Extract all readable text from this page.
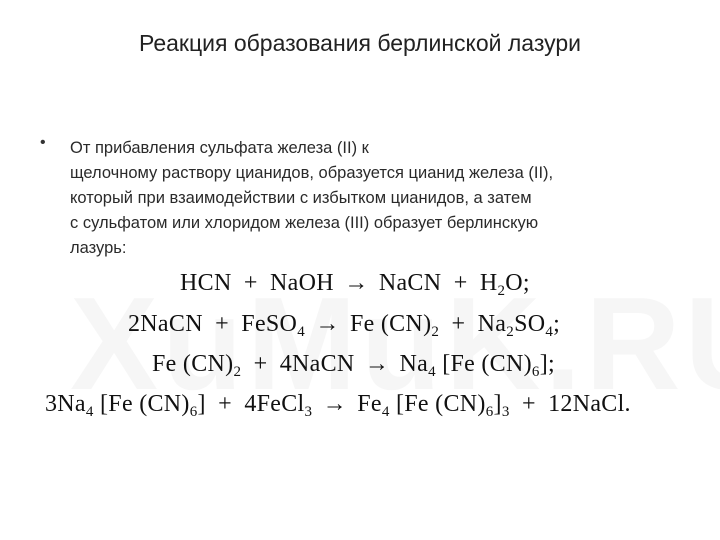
Реакция образования берлинской лазури
• От прибавления сульфата железа (II) к
щелочному раствору цианидов, образуется цианид железа (II),
который при взаимодействии с избытком цианидов, а затем
с сульфатом или хлоридом железа (III) образует берлинскую
лазурь:
HCN + NaOH → NaCN + $H_2O$;
2NaCN + FeSO$_4$ → Fe $(CN)_2 + Na_2SO_4$;
Fe $(CN)_2$ + 4NaCN → $Na_4$ [Fe $(CN)_6$];
$3Na_4$ [Fe $(CN)_6$] + 4FeCl$_3$ → $Fe_4$ [Fe $(CN)_6]_3$ + 12NaCl.
